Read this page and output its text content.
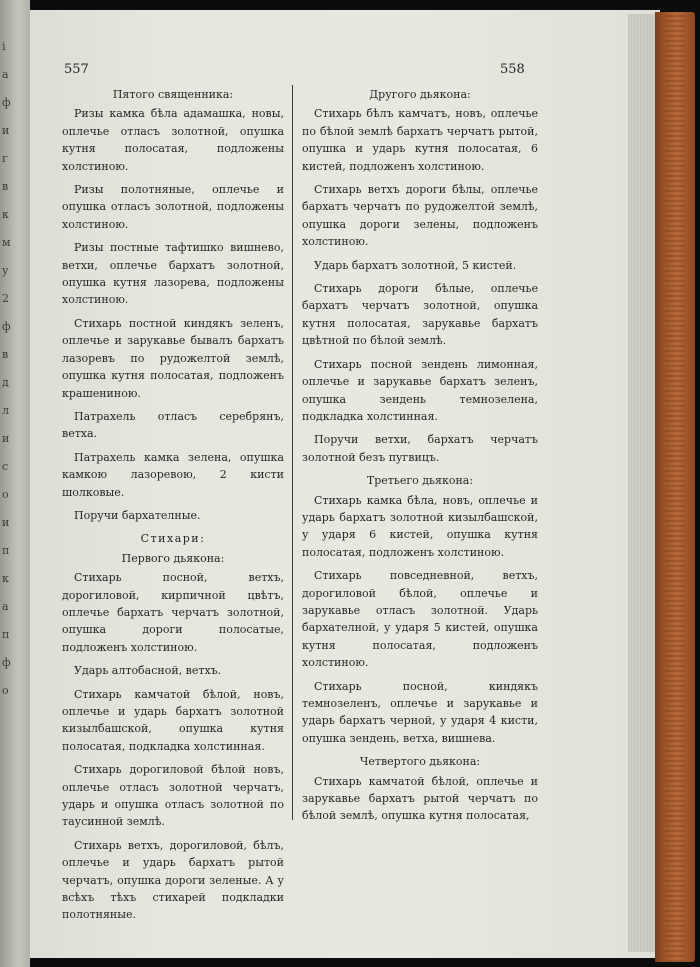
і
a
ф
и
г
в
к
м
у
2
ф
в
д
л
и
с
о
и
п
к
а
п
ф
о
557	558

Пятого священника:

Ризы камка бѣла адамашка, новы, оплечье отласъ золотной, опушка кутня полосатая, подложены холстиною.

Ризы полотняные, оплечье и опушка отласъ золотной, подложены холстиною.

Ризы постные тафтишко вишнево, ветхи, оплечье бархатъ золотной, опушка кутня лазорева, подложены холстиною.

Стихарь постной киндякъ зеленъ, оплечье и зарукавье бывалъ бархатъ лазоревъ по рудожелтой землѣ, опушка кутня полосатая, подложенъ крашениною.

Патрахель отласъ серебрянъ, ветха.

Патрахель камка зелена, опушка камкою лазоревою, 2 кисти шолковые.

Поручи бархателные.

Стихари:

Первого дьякона:

Стихарь посной, ветхъ, дорогиловой, кирпичной цвѣтъ, оплечье бархатъ черчатъ золотной, опушка дороги полосатые, подложенъ холстиною.

Ударь алтобасной, ветхъ.

Стихарь камчатой бѣлой, новъ, оплечье и ударь бархатъ золотной кизылбашской, опушка кутня полосатая, подкладка холстинная.

Стихарь дорогиловой бѣлой новъ, оплечье отласъ золотной черчатъ, ударь и опушка отласъ золотной по таусинной землѣ.

Стихарь ветхъ, дорогиловой, бѣлъ, оплечье и ударь бархатъ рытой черчатъ, опушка дороги зеленые. А у всѣхъ тѣхъ стихарей подкладки полотняные.

Другого дьякона:

Стихарь бѣлъ камчатъ, новъ, оплечье по бѣлой землѣ бархатъ черчатъ рытой, опушка и ударь кутня полосатая, 6 кистей, подложенъ холстиною.

Стихарь ветхъ дороги бѣлы, оплечье бархатъ черчатъ по рудожелтой землѣ, опушка дороги зелены, подложенъ холстиною.

Ударь бархатъ золотной, 5 кистей.

Стихарь дороги бѣлые, оплечье бархатъ черчатъ золотной, опушка кутня полосатая, зарукавье бархатъ цвѣтной по бѣлой землѣ.

Стихарь посной зендень лимонная, оплечье и зарукавье бархатъ зеленъ, опушка зендень темнозелена, подкладка холстинная.

Поручи ветхи, бархатъ черчатъ золотной безъ пугвицъ.

Третьего дьякона:

Стихарь камка бѣла, новъ, оплечье и ударь бархатъ золотной кизылбашской, у ударя 6 кистей, опушка кутня полосатая, подложенъ холстиною.

Стихарь повседневной, ветхъ, дорогиловой бѣлой, оплечье и зарукавье отласъ золотной. Ударь бархателной, у ударя 5 кистей, опушка кутня полосатая, подложенъ холстиною.

Стихарь посной, киндякъ темнозеленъ, оплечье и зарукавье и ударь бархатъ черной, у ударя 4 кисти, опушка зендень, ветха, вишнева.

Четвертого дьякона:

Стихарь камчатой бѣлой, оплечье и зарукавье бархатъ рытой черчатъ по бѣлой землѣ, опушка кутня полосатая,
